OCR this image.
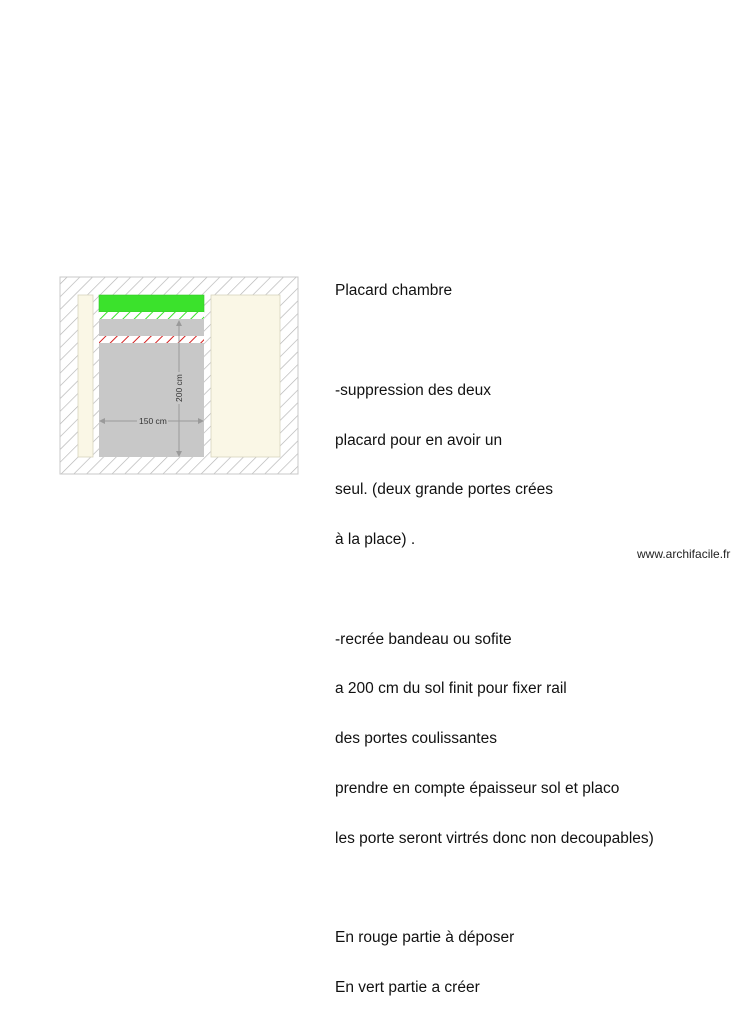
200 cm
150 cm

Placard chambre

-suppression des deux

placard pour en avoir un

seul. (deux grande portes crées

à la place) .

-recrée bandeau ou sofite

a 200 cm du sol finit pour fixer rail

des portes coulissantes

prendre en compte épaisseur sol et placo

les porte seront virtrés donc non decoupables)

En rouge partie à déposer

En vert partie a créer

www.archifacile.fr
